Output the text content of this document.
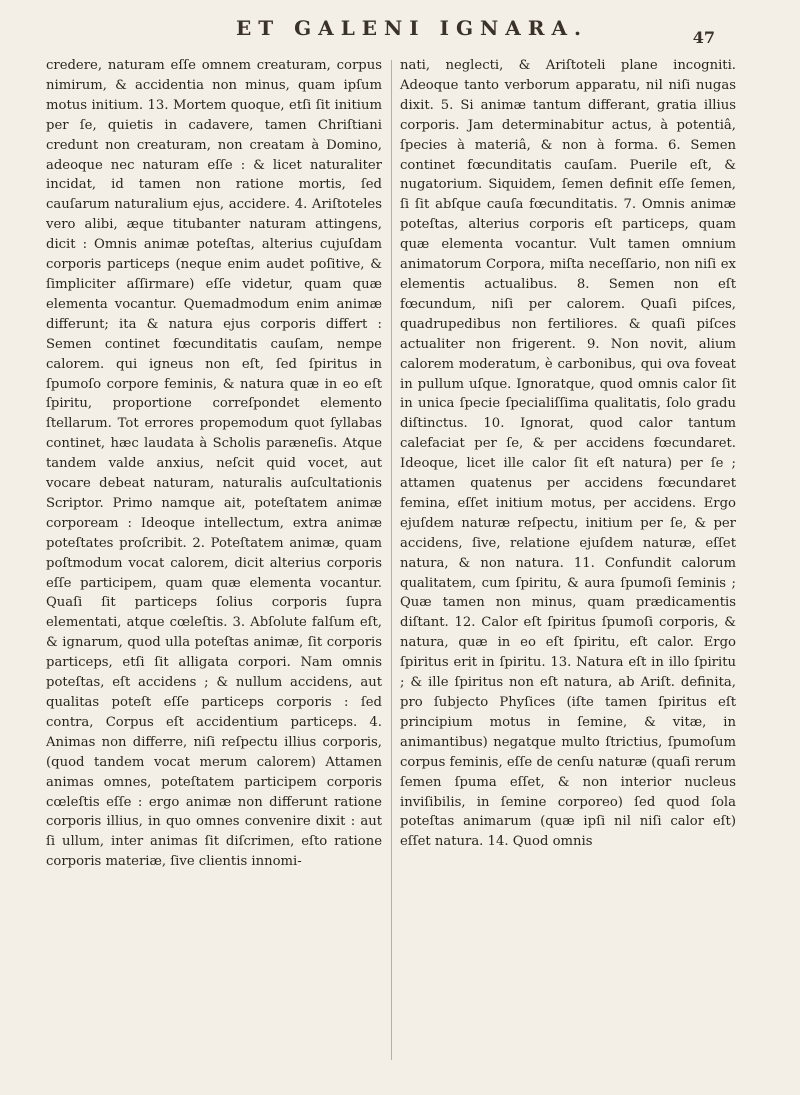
ET GALENI IGNARA.	47

credere, naturam eſſe omnem creaturam, corpus nimirum, & accidentia non minus, quam ipſum motus initium. 13. Mortem quoque, etſi ſit initium per ſe, quietis in cadavere, tamen Chriſtiani credunt non creaturam, non creatam à Domino, adeoque nec naturam eſſe : & licet naturaliter incidat, id tamen non ratione mortis, ſed cauſarum naturalium ejus, accidere. 4. Ariſtoteles vero alibi, æque titubanter naturam attingens, dicit : Omnis animæ poteſtas, alterius cujuſdam corporis particeps (neque enim audet poſitive, & ſimpliciter aſſirmare) eſſe videtur, quam quæ elementa vocantur. Quemadmodum enim animæ differunt; ita & natura ejus corporis differt : Semen continet fœcunditatis cauſam, nempe calorem. qui igneus non eſt, ſed ſpiritus in ſpumoſo corpore feminis, & natura quæ in eo eſt ſpiritu, proportione correſpondet elemento ſtellarum. Tot errores propemodum quot ſyllabas continet, hæc laudata à Scholis paræneſis. Atque tandem valde anxius, neſcit quid vocet, aut vocare debeat naturam, naturalis auſcultationis Scriptor. Primo namque ait, poteſtatem animæ corpoream : Ideoque intellectum, extra animæ poteſtates proſcribit. 2. Poteſtatem animæ, quam poſtmodum vocat calorem, dicit alterius corporis eſſe participem, quam quæ elementa vocantur. Quaſi ſit particeps ſolius corporis ſupra elementati, atque cœleſtis. 3. Abſolute falſum eſt, & ignarum, quod ulla poteſtas animæ, ſit corporis particeps, etſi ſit alligata corpori. Nam omnis poteſtas, eſt accidens ; & nullum accidens, aut qualitas poteſt eſſe particeps corporis : ſed contra, Corpus eſt accidentium particeps. 4. Animas non differre, niſi reſpectu illius corporis, (quod tandem vocat merum calorem) Attamen animas omnes, poteſtatem participem corporis cœleſtis eſſe : ergo animæ non differunt ratione corporis illius, in quo omnes convenire dixit : aut ſi ullum, inter animas ſit diſcrimen, eſto ratione corporis materiæ, ſive clientis innomi-

nati, neglecti, & Ariſtoteli plane incogniti. Adeoque tanto verborum apparatu, nil niſi nugas dixit. 5. Si animæ tantum differant, gratia illius corporis. Jam determinabitur actus, à potentiâ, ſpecies à materiâ, & non à forma. 6. Semen continet fœcunditatis cauſam. Puerile eſt, & nugatorium. Siquidem, ſemen definit eſſe ſemen, ſi ſit abſque cauſa fœcunditatis. 7. Omnis animæ poteſtas, alterius corporis eſt particeps, quam quæ elementa vocantur. Vult tamen omnium animatorum Corpora, miſta neceſſario, non niſi ex elementis actualibus. 8. Semen non eſt fœcundum, niſi per calorem. Quaſi piſces, quadrupedibus non fertiliores. & quaſi piſces actualiter non frigerent. 9. Non novit, alium calorem moderatum, è carbonibus, qui ova foveat in pullum uſque. Ignoratque, quod omnis calor ſit in unica ſpecie ſpecialiſſima qualitatis, ſolo gradu diſtinctus. 10. Ignorat, quod calor tantum calefaciat per ſe, & per accidens fœcundaret. Ideoque, licet ille calor ſit eſt natura) per ſe ; attamen quatenus per accidens fœcundaret femina, eſſet initium motus, per accidens. Ergo ejuſdem naturæ reſpectu, initium per ſe, & per accidens, ſive, relatione ejuſdem naturæ, eſſet natura, & non natura. 11. Confundit calorum qualitatem, cum ſpiritu, & aura ſpumoſi ſeminis ; Quæ tamen non minus, quam prædicamentis diſtant. 12. Calor eſt ſpiritus ſpumoſi corporis, & natura, quæ in eo eſt ſpiritu, eſt calor. Ergo ſpiritus erit in ſpiritu. 13. Natura eſt in illo ſpiritu ; & ille ſpiritus non eſt natura, ab Ariſt. definita, pro ſubjecto Phyſices (iſte tamen ſpiritus eſt principium motus in ſemine, & vitæ, in animantibus) negatque multo ſtrictius, ſpumoſum corpus feminis, eſſe de cenſu naturæ (quaſi rerum ſemen ſpuma eſſet, & non interior nucleus inviſibilis, in ſemine corporeo) ſed quod ſola poteſtas animarum (quæ ipſi nil niſi calor eſt) eſſet natura. 14. Quod omnis
